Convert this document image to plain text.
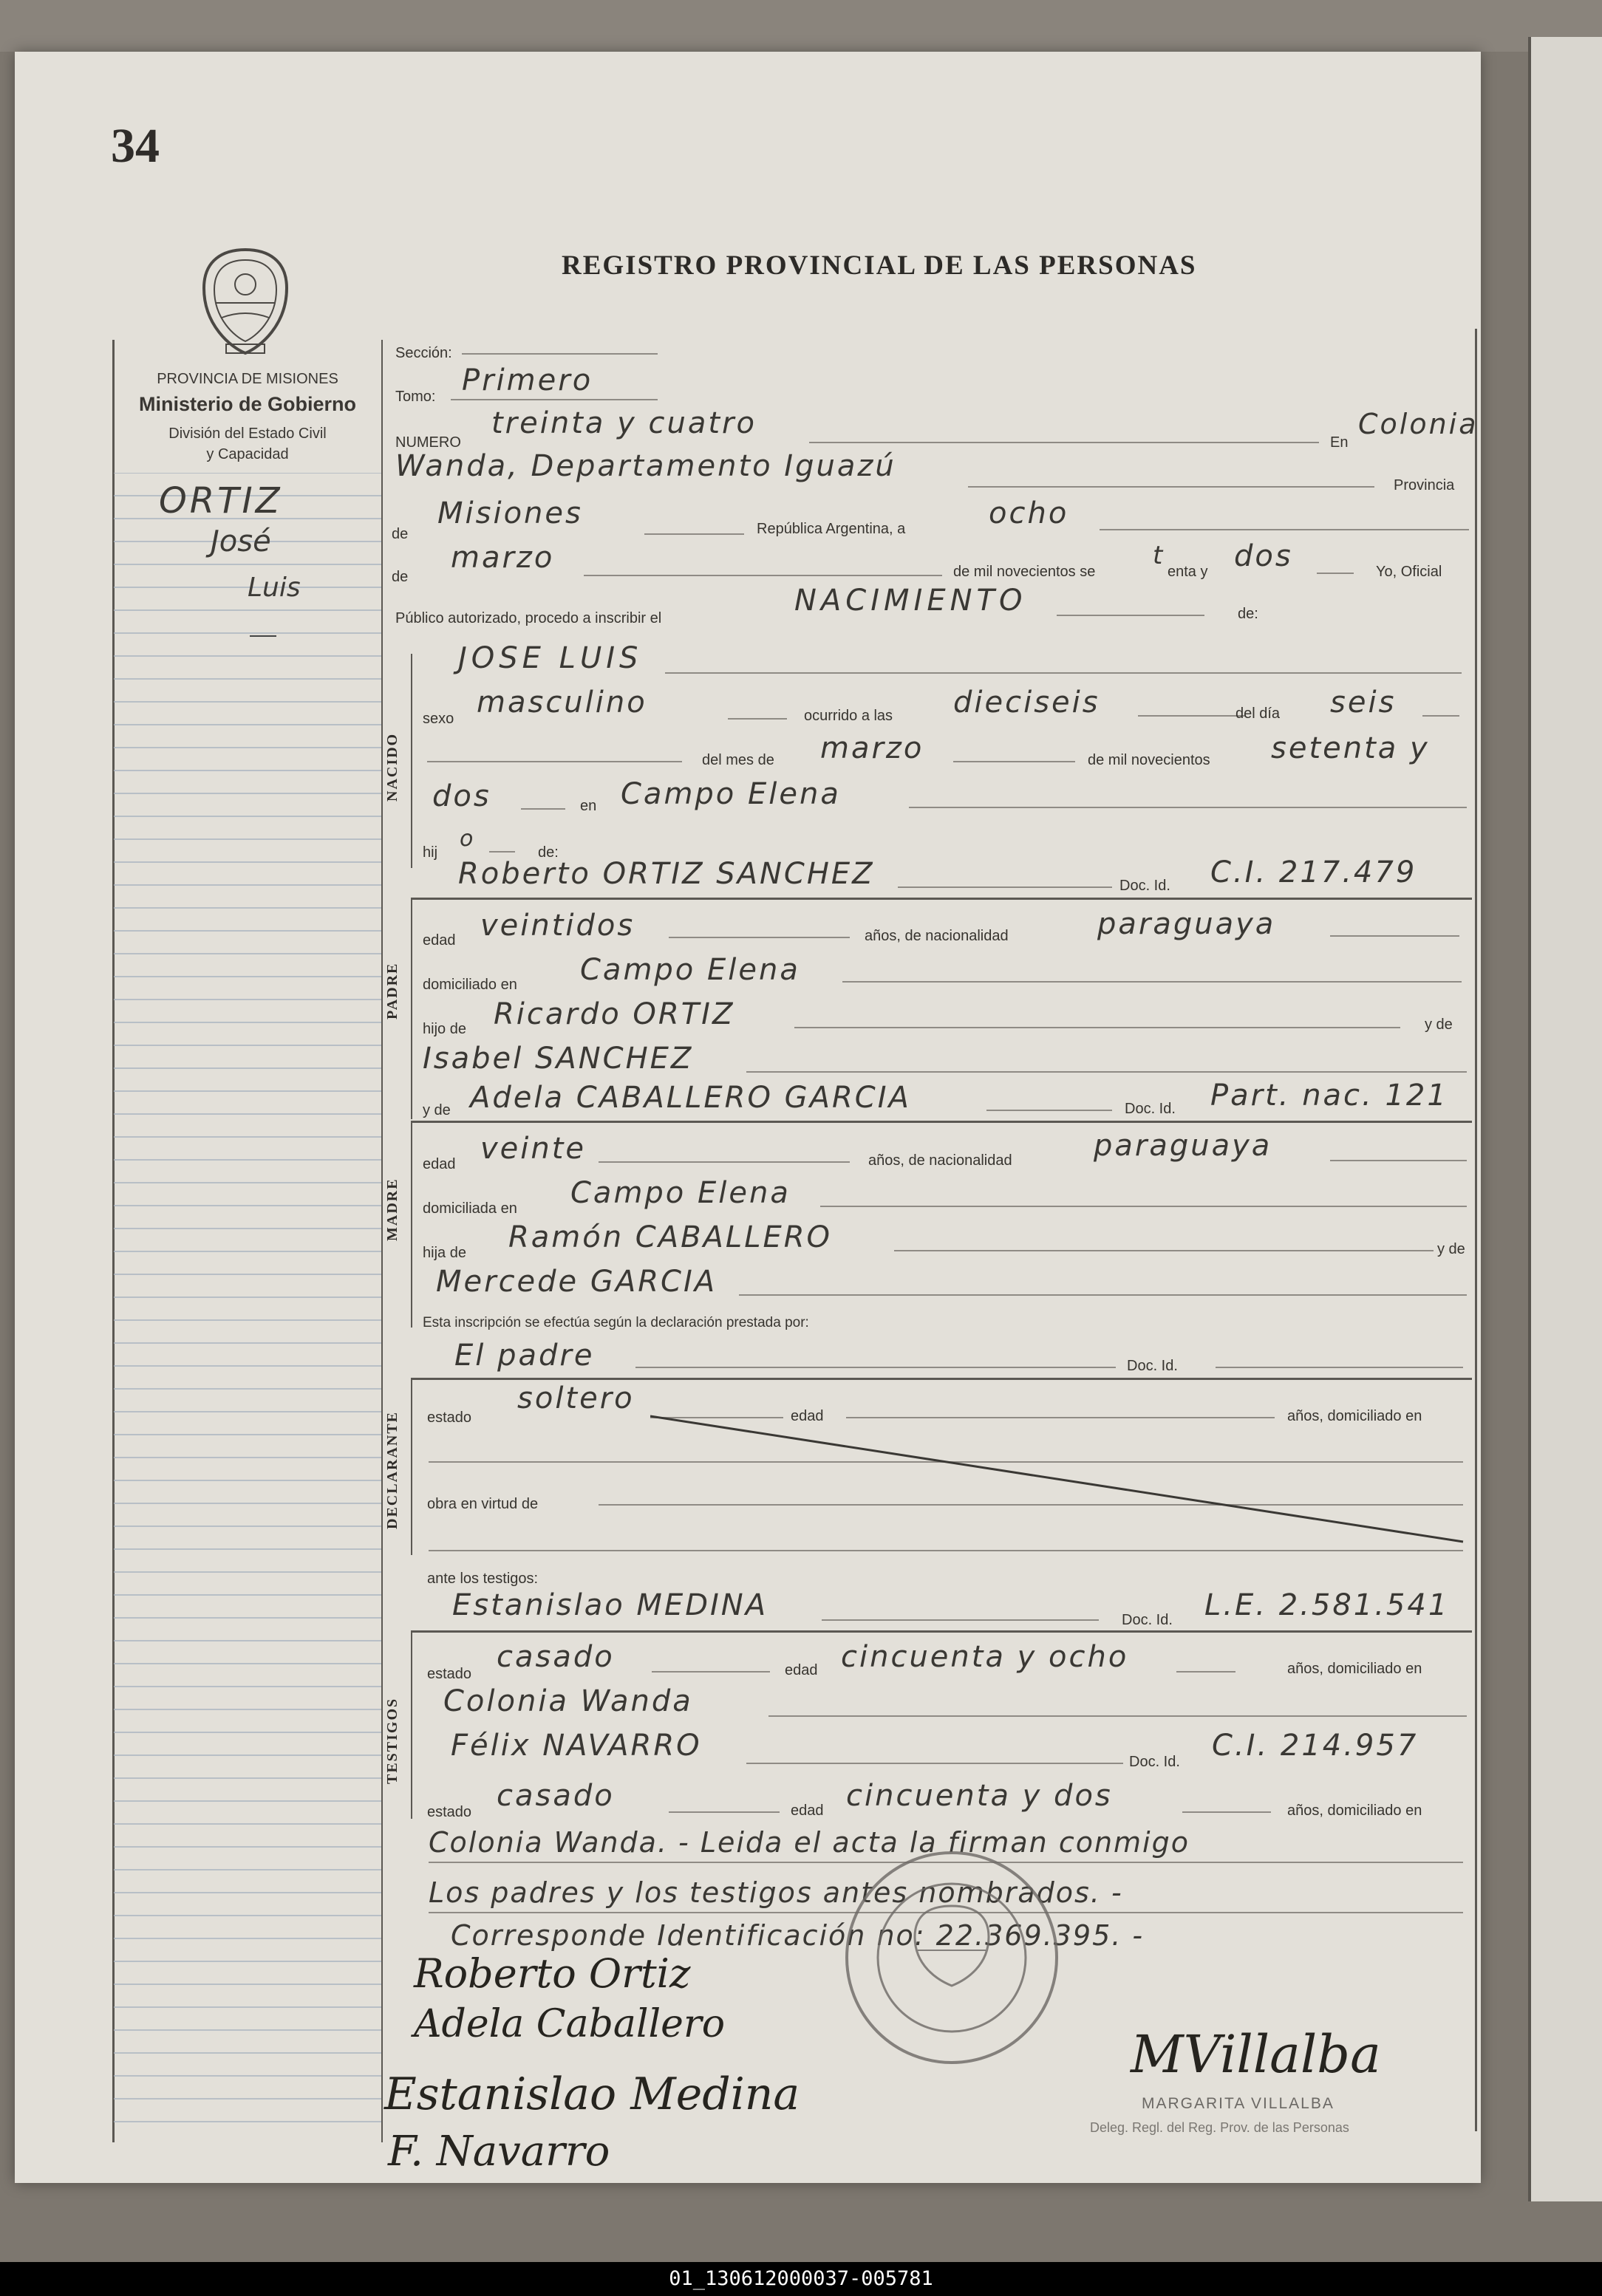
34
REGISTRO PROVINCIAL DE LAS PERSONAS
PROVINCIA DE MISIONES
Ministerio de Gobierno
División del Estado Civil
y Capacidad
ORTIZ
José
Luis
Sección:
Tomo: Primero
NUMERO
treinta y cuatro
En
Colonia
Wanda, Departamento Iguazú
Provincia
de
Misiones	República Argentina, a	ocho
de
marzo	de mil novecientos se
t
enta y dos	Yo, Oficial
Público autorizado, procedo a inscribir el
NACIMIENTO	de:
NACIDO
JOSE LUIS
sexo masculino	ocurrido a las dieciseis	del día seis
del mes de marzo	de mil novecientos setenta y
dos	en Campo Elena
hij
o
de:
Roberto ORTIZ SANCHEZ	Doc. Id. C.I. 217.479
PADRE
edad veintidos	años, de nacionalidad	paraguaya
domiciliado en Campo Elena
hijo de Ricardo ORTIZ	y de
Isabel SANCHEZ
y de Adela CABALLERO GARCIA	Doc. Id. Part. nac. 121
MADRE
edad veinte	años, de nacionalidad	paraguaya
domiciliada en Campo Elena
hija de Ramón CABALLERO	y de
Mercede GARCIA
Esta inscripción se efectúa según la declaración prestada por:
El padre	Doc. Id.
DECLARANTE estado
soltero
edad	años, domiciliado en
obra en virtud de
ante los testigos:
Estanislao MEDINA	Doc. Id. L.E. 2.581.541
TESTIGOS
estado casado	edad cincuenta y ocho	años, domiciliado en
Colonia Wanda
Félix NAVARRO	Doc. Id. C.I. 214.957
estado casado	edad cincuenta y dos	años, domiciliado en
Colonia Wanda. - Leida el acta la firman conmigo
Los padres y los testigos antes nombrados. -
Corresponde Identificación no: 22.369.395. -
Roberto Ortiz
Adela Caballero
Estanislao Medina
F. Navarro
MVillalba
MARGARITA VILLALBA
Deleg. Regl. del Reg. Prov. de las Personas
01_130612000037-005781
